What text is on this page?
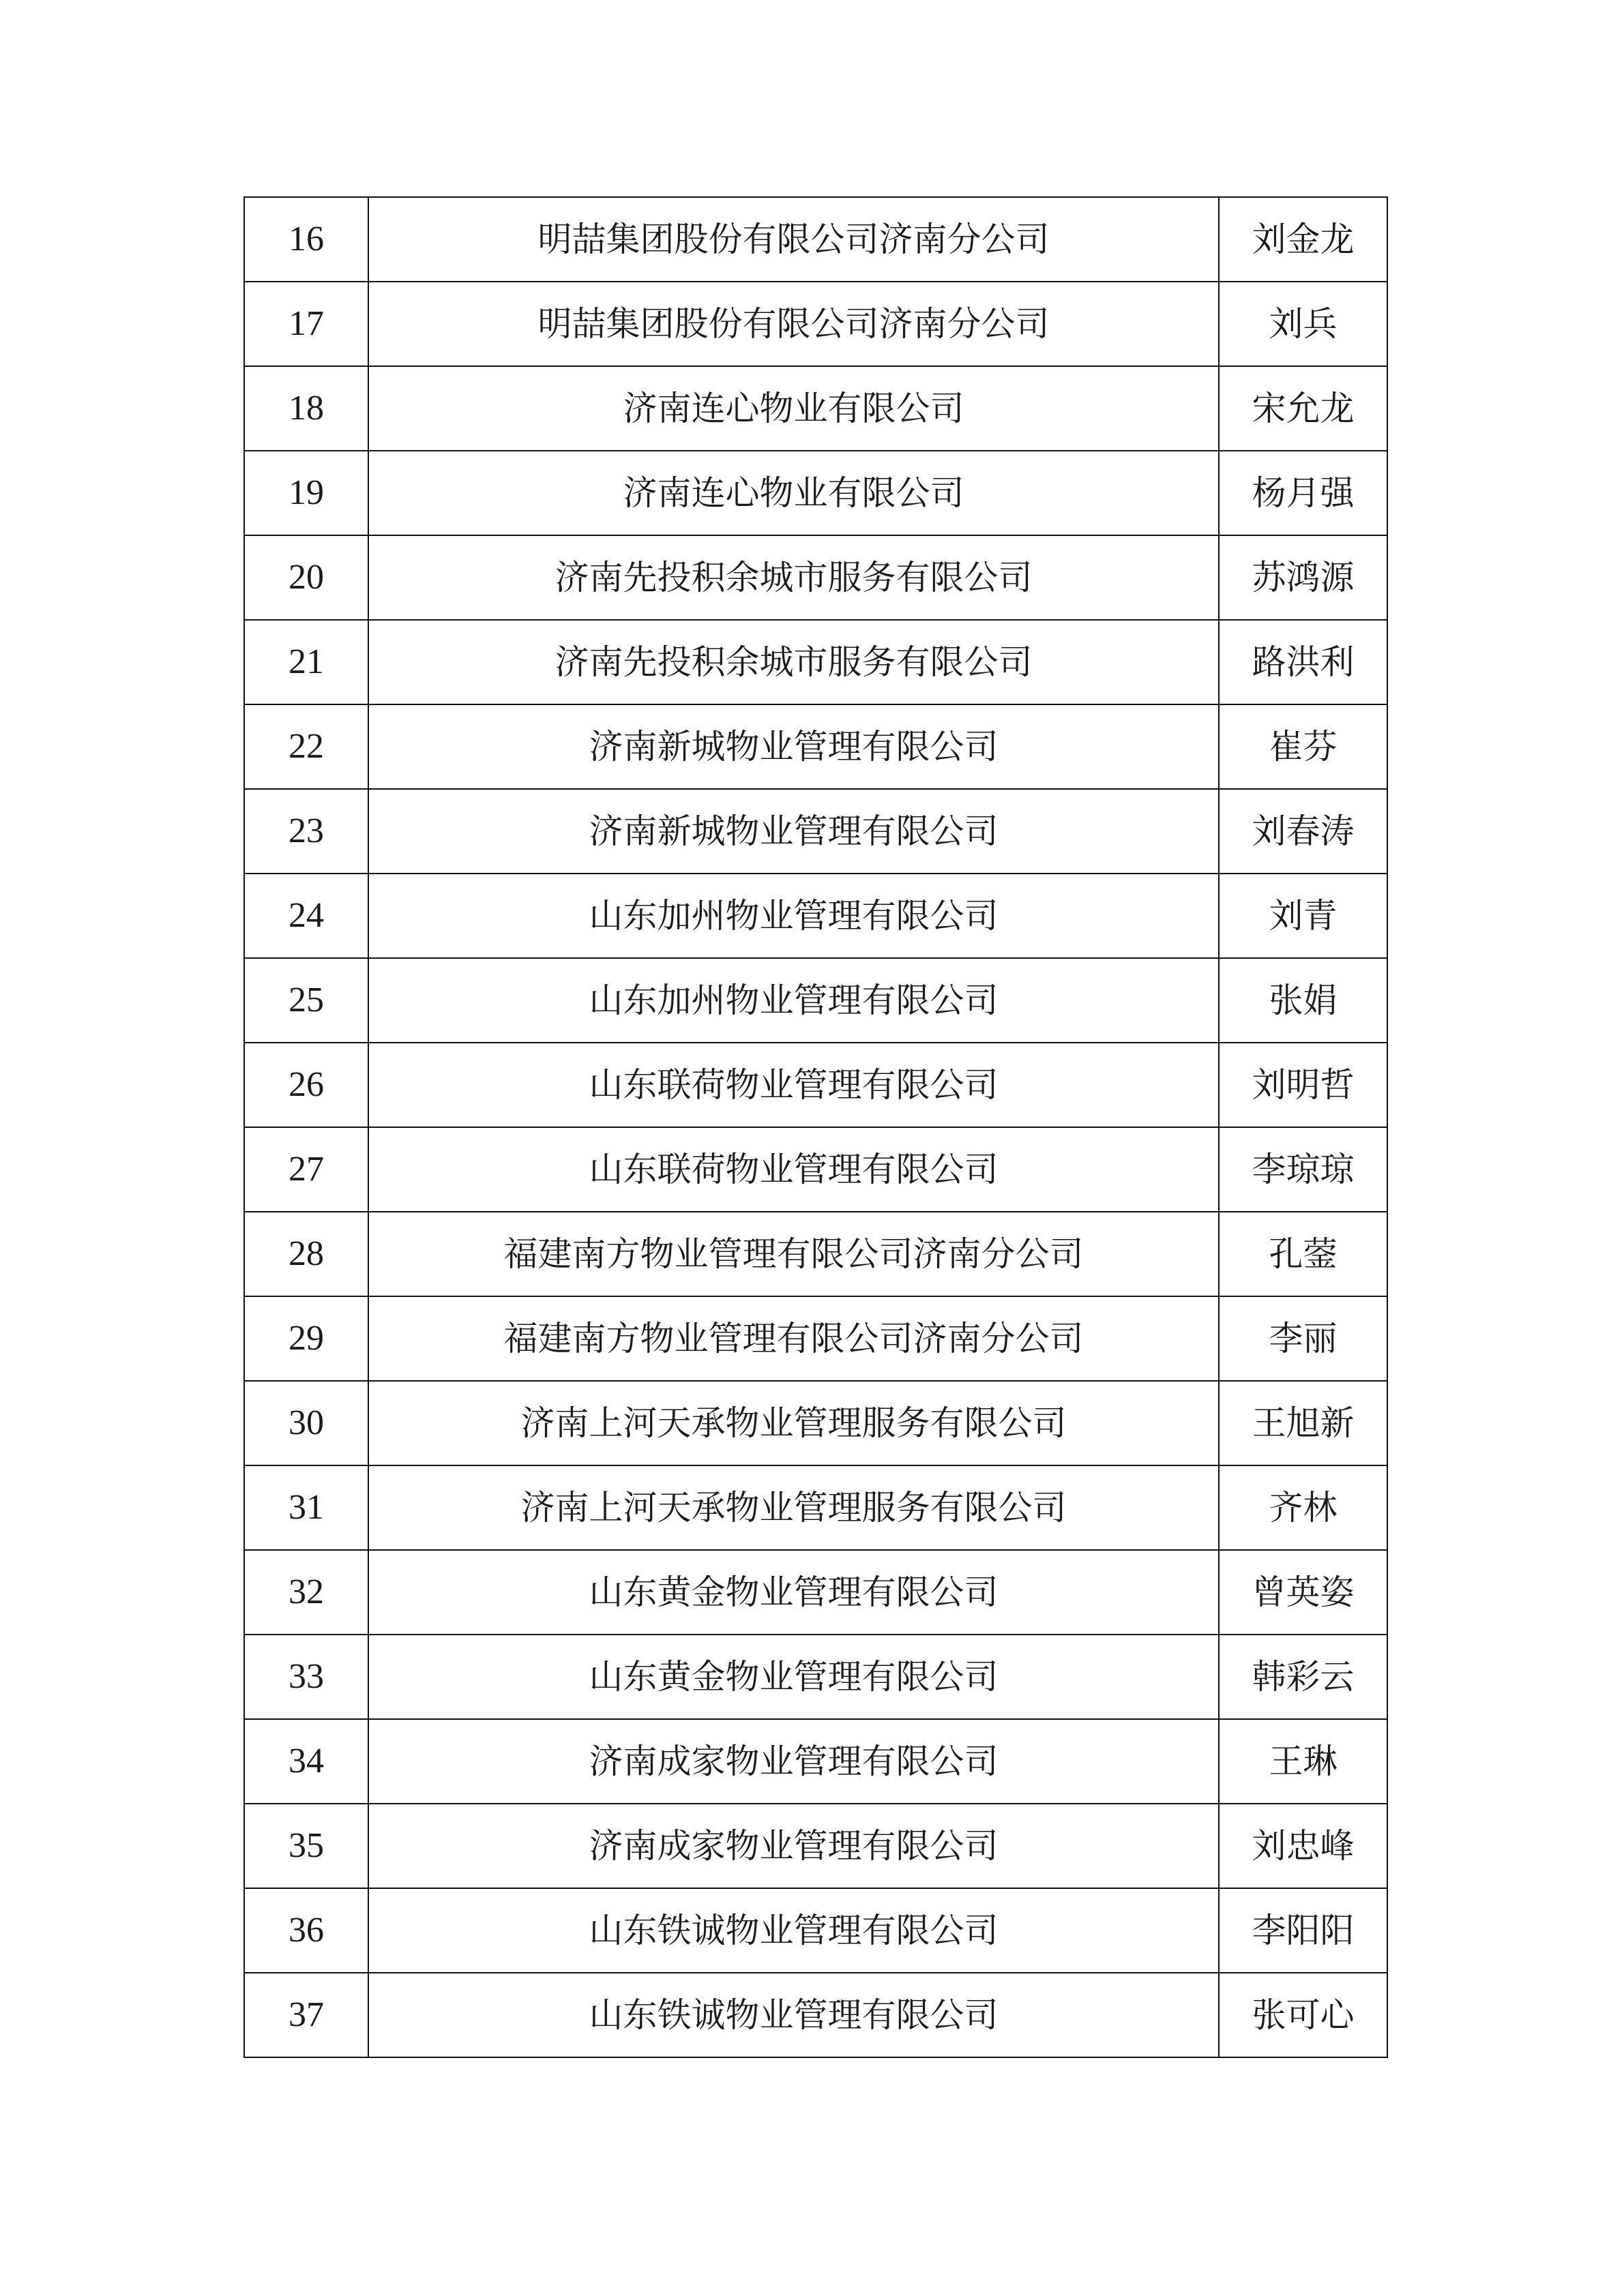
16	明喆集团股份有限公司济南分公司	刘金龙
17	明喆集团股份有限公司济南分公司	刘兵
18	济南连心物业有限公司	宋允龙
19	济南连心物业有限公司	杨月强
20	济南先投积余城市服务有限公司	苏鸿源
21	济南先投积余城市服务有限公司	路洪利
22	济南新城物业管理有限公司	崔芬
23	济南新城物业管理有限公司	刘春涛
24	山东加州物业管理有限公司	刘青
25	山东加州物业管理有限公司	张娟
26	山东联荷物业管理有限公司	刘明哲
27	山东联荷物业管理有限公司	李琼琼
28	福建南方物业管理有限公司济南分公司	孔蓥
29	福建南方物业管理有限公司济南分公司	李丽
30	济南上河天承物业管理服务有限公司	王旭新
31	济南上河天承物业管理服务有限公司	齐林
32	山东黄金物业管理有限公司	曾英姿
33	山东黄金物业管理有限公司	韩彩云
34	济南成家物业管理有限公司	王琳
35	济南成家物业管理有限公司	刘忠峰
36	山东铁诚物业管理有限公司	李阳阳
37	山东铁诚物业管理有限公司	张可心
